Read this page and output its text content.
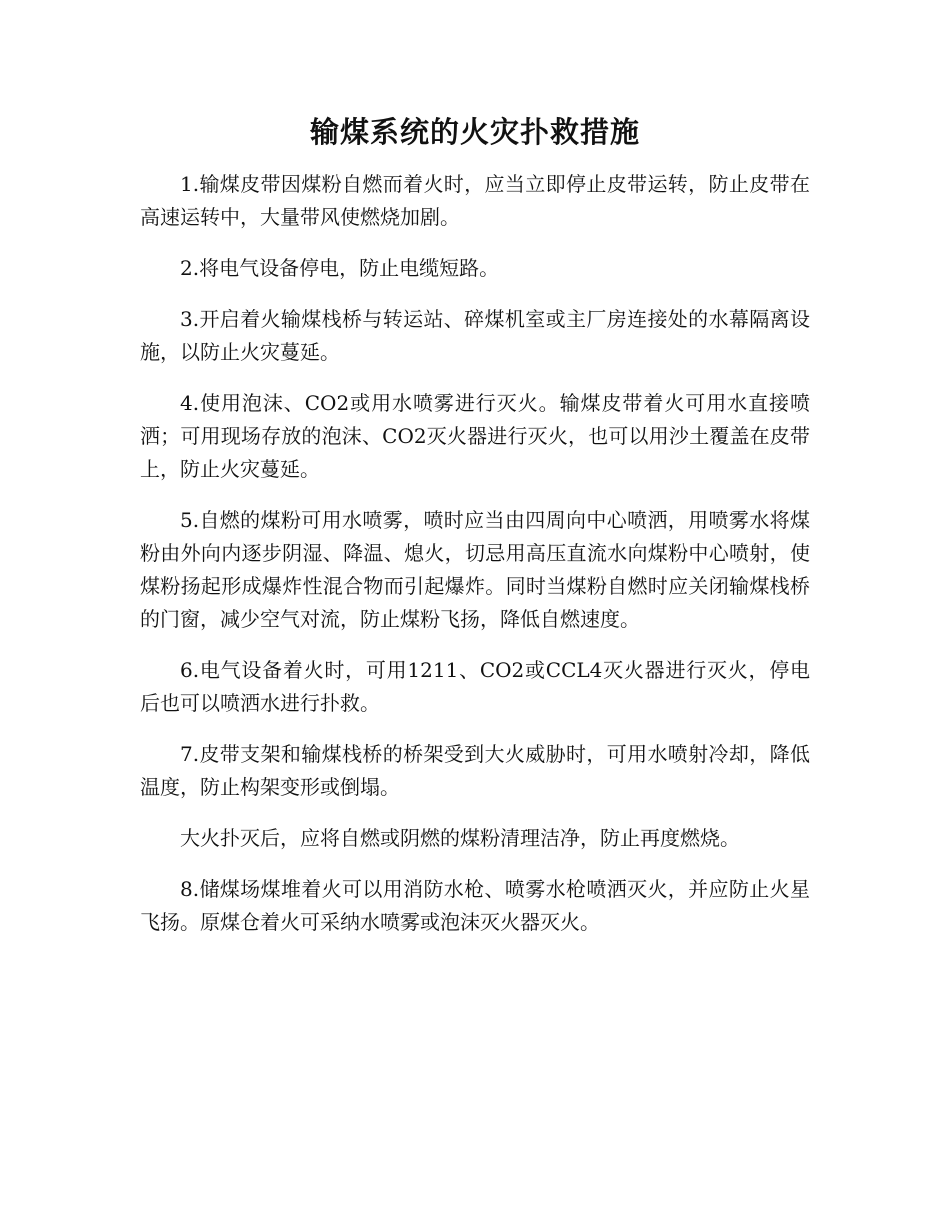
输煤系统的火灾扑救措施

1.输煤皮带因煤粉自燃而着火时，应当立即停止皮带运转，防止皮带在高速运转中，大量带风使燃烧加剧。

2.将电气设备停电，防止电缆短路。

3.开启着火输煤栈桥与转运站、碎煤机室或主厂房连接处的水幕隔离设施，以防止火灾蔓延。

4.使用泡沫、CO2或用水喷雾进行灭火。输煤皮带着火可用水直接喷洒；可用现场存放的泡沫、CO2灭火器进行灭火，也可以用沙土覆盖在皮带上，防止火灾蔓延。

5.自燃的煤粉可用水喷雾，喷时应当由四周向中心喷洒，用喷雾水将煤粉由外向内逐步阴湿、降温、熄火，切忌用高压直流水向煤粉中心喷射，使煤粉扬起形成爆炸性混合物而引起爆炸。同时当煤粉自燃时应关闭输煤栈桥的门窗，减少空气对流，防止煤粉飞扬，降低自燃速度。

6.电气设备着火时，可用1211、CO2或CCL4灭火器进行灭火，停电后也可以喷洒水进行扑救。

7.皮带支架和输煤栈桥的桥架受到大火威胁时，可用水喷射冷却，降低温度，防止构架变形或倒塌。

大火扑灭后，应将自燃或阴燃的煤粉清理洁净，防止再度燃烧。

8.储煤场煤堆着火可以用消防水枪、喷雾水枪喷洒灭火，并应防止火星飞扬。原煤仓着火可采纳水喷雾或泡沫灭火器灭火。
